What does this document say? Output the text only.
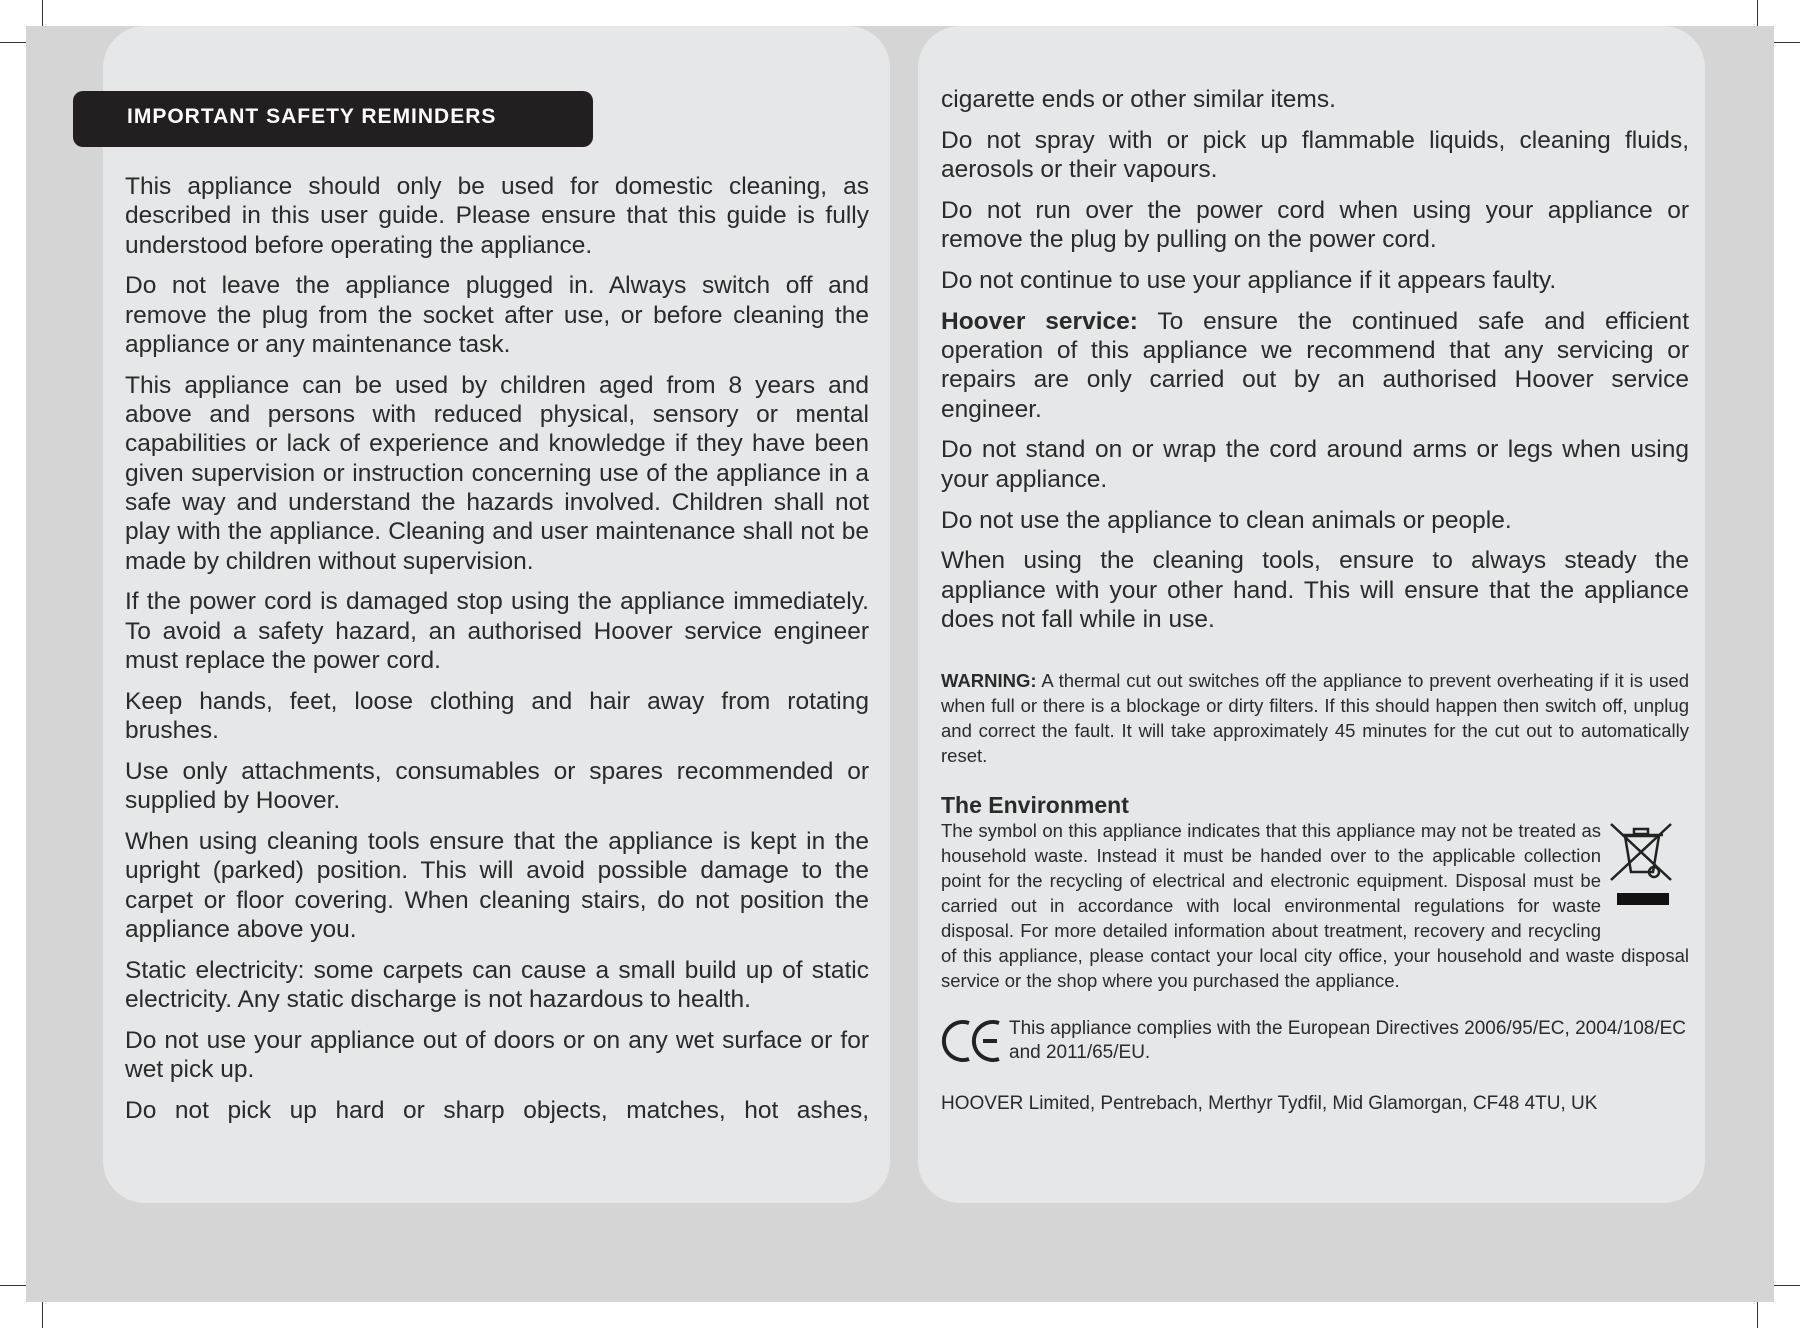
IMPORTANT SAFETY REMINDERS

This appliance should only be used for domestic cleaning, as described in this user guide. Please ensure that this guide is fully understood before operating the appliance.

Do not leave the appliance plugged in. Always switch off and remove the plug from the socket after use, or before cleaning the appliance or any maintenance task.

This appliance can be used by children aged from 8 years and above and persons with reduced physical, sensory or mental capabilities or lack of experience and knowledge if they have been given supervision or instruction concerning use of the appliance in a safe way and understand the hazards involved. Children shall not play with the appliance. Cleaning and user maintenance shall not be made by children without supervision.

If the power cord is damaged stop using the appliance immediately. To avoid a safety hazard, an authorised Hoover service engineer must replace the power cord.

Keep hands, feet, loose clothing and hair away from rotating brushes.

Use only attachments, consumables or spares recommended or supplied by Hoover.

When using cleaning tools ensure that the appliance is kept in the upright (parked) position. This will avoid possible damage to the carpet or floor covering. When cleaning stairs, do not position the appliance above you.

Static electricity: some carpets can cause a small build up of static electricity. Any static discharge is not hazardous to health.

Do not use your appliance out of doors or on any wet surface or for wet pick up.

Do not pick up hard or sharp objects, matches, hot ashes,

cigarette ends or other similar items.

Do not spray with or pick up flammable liquids, cleaning fluids, aerosols or their vapours.

Do not run over the power cord when using your appliance or remove the plug by pulling on the power cord.

Do not continue to use your appliance if it appears faulty.

Hoover service: To ensure the continued safe and efficient operation of this appliance we recommend that any servicing or repairs are only carried out by an authorised Hoover service engineer.

Do not stand on or wrap the cord around arms or legs when using your appliance.

Do not use the appliance to clean animals or people.

When using the cleaning tools, ensure to always steady the appliance with your other hand. This will ensure that the appliance does not fall while in use.

WARNING: A thermal cut out switches off the appliance to prevent overheating if it is used when full or there is a blockage or dirty filters. If this should happen then switch off, unplug and correct the fault. It will take approximately 45 minutes for the cut out to automatically reset.

The Environment

The symbol on this appliance indicates that this appliance may not be treated as household waste. Instead it must be handed over to the applicable collection point for the recycling of electrical and electronic equipment. Disposal must be carried out in accordance with local environmental regulations for waste disposal. For more detailed information about treatment, recovery and recycling of this appliance, please contact your local city office, your household and waste disposal service or the shop where you purchased the appliance.

This appliance complies with the European Directives 2006/95/EC, 2004/108/EC and 2011/65/EU.

HOOVER Limited, Pentrebach, Merthyr Tydfil, Mid Glamorgan, CF48 4TU, UK
